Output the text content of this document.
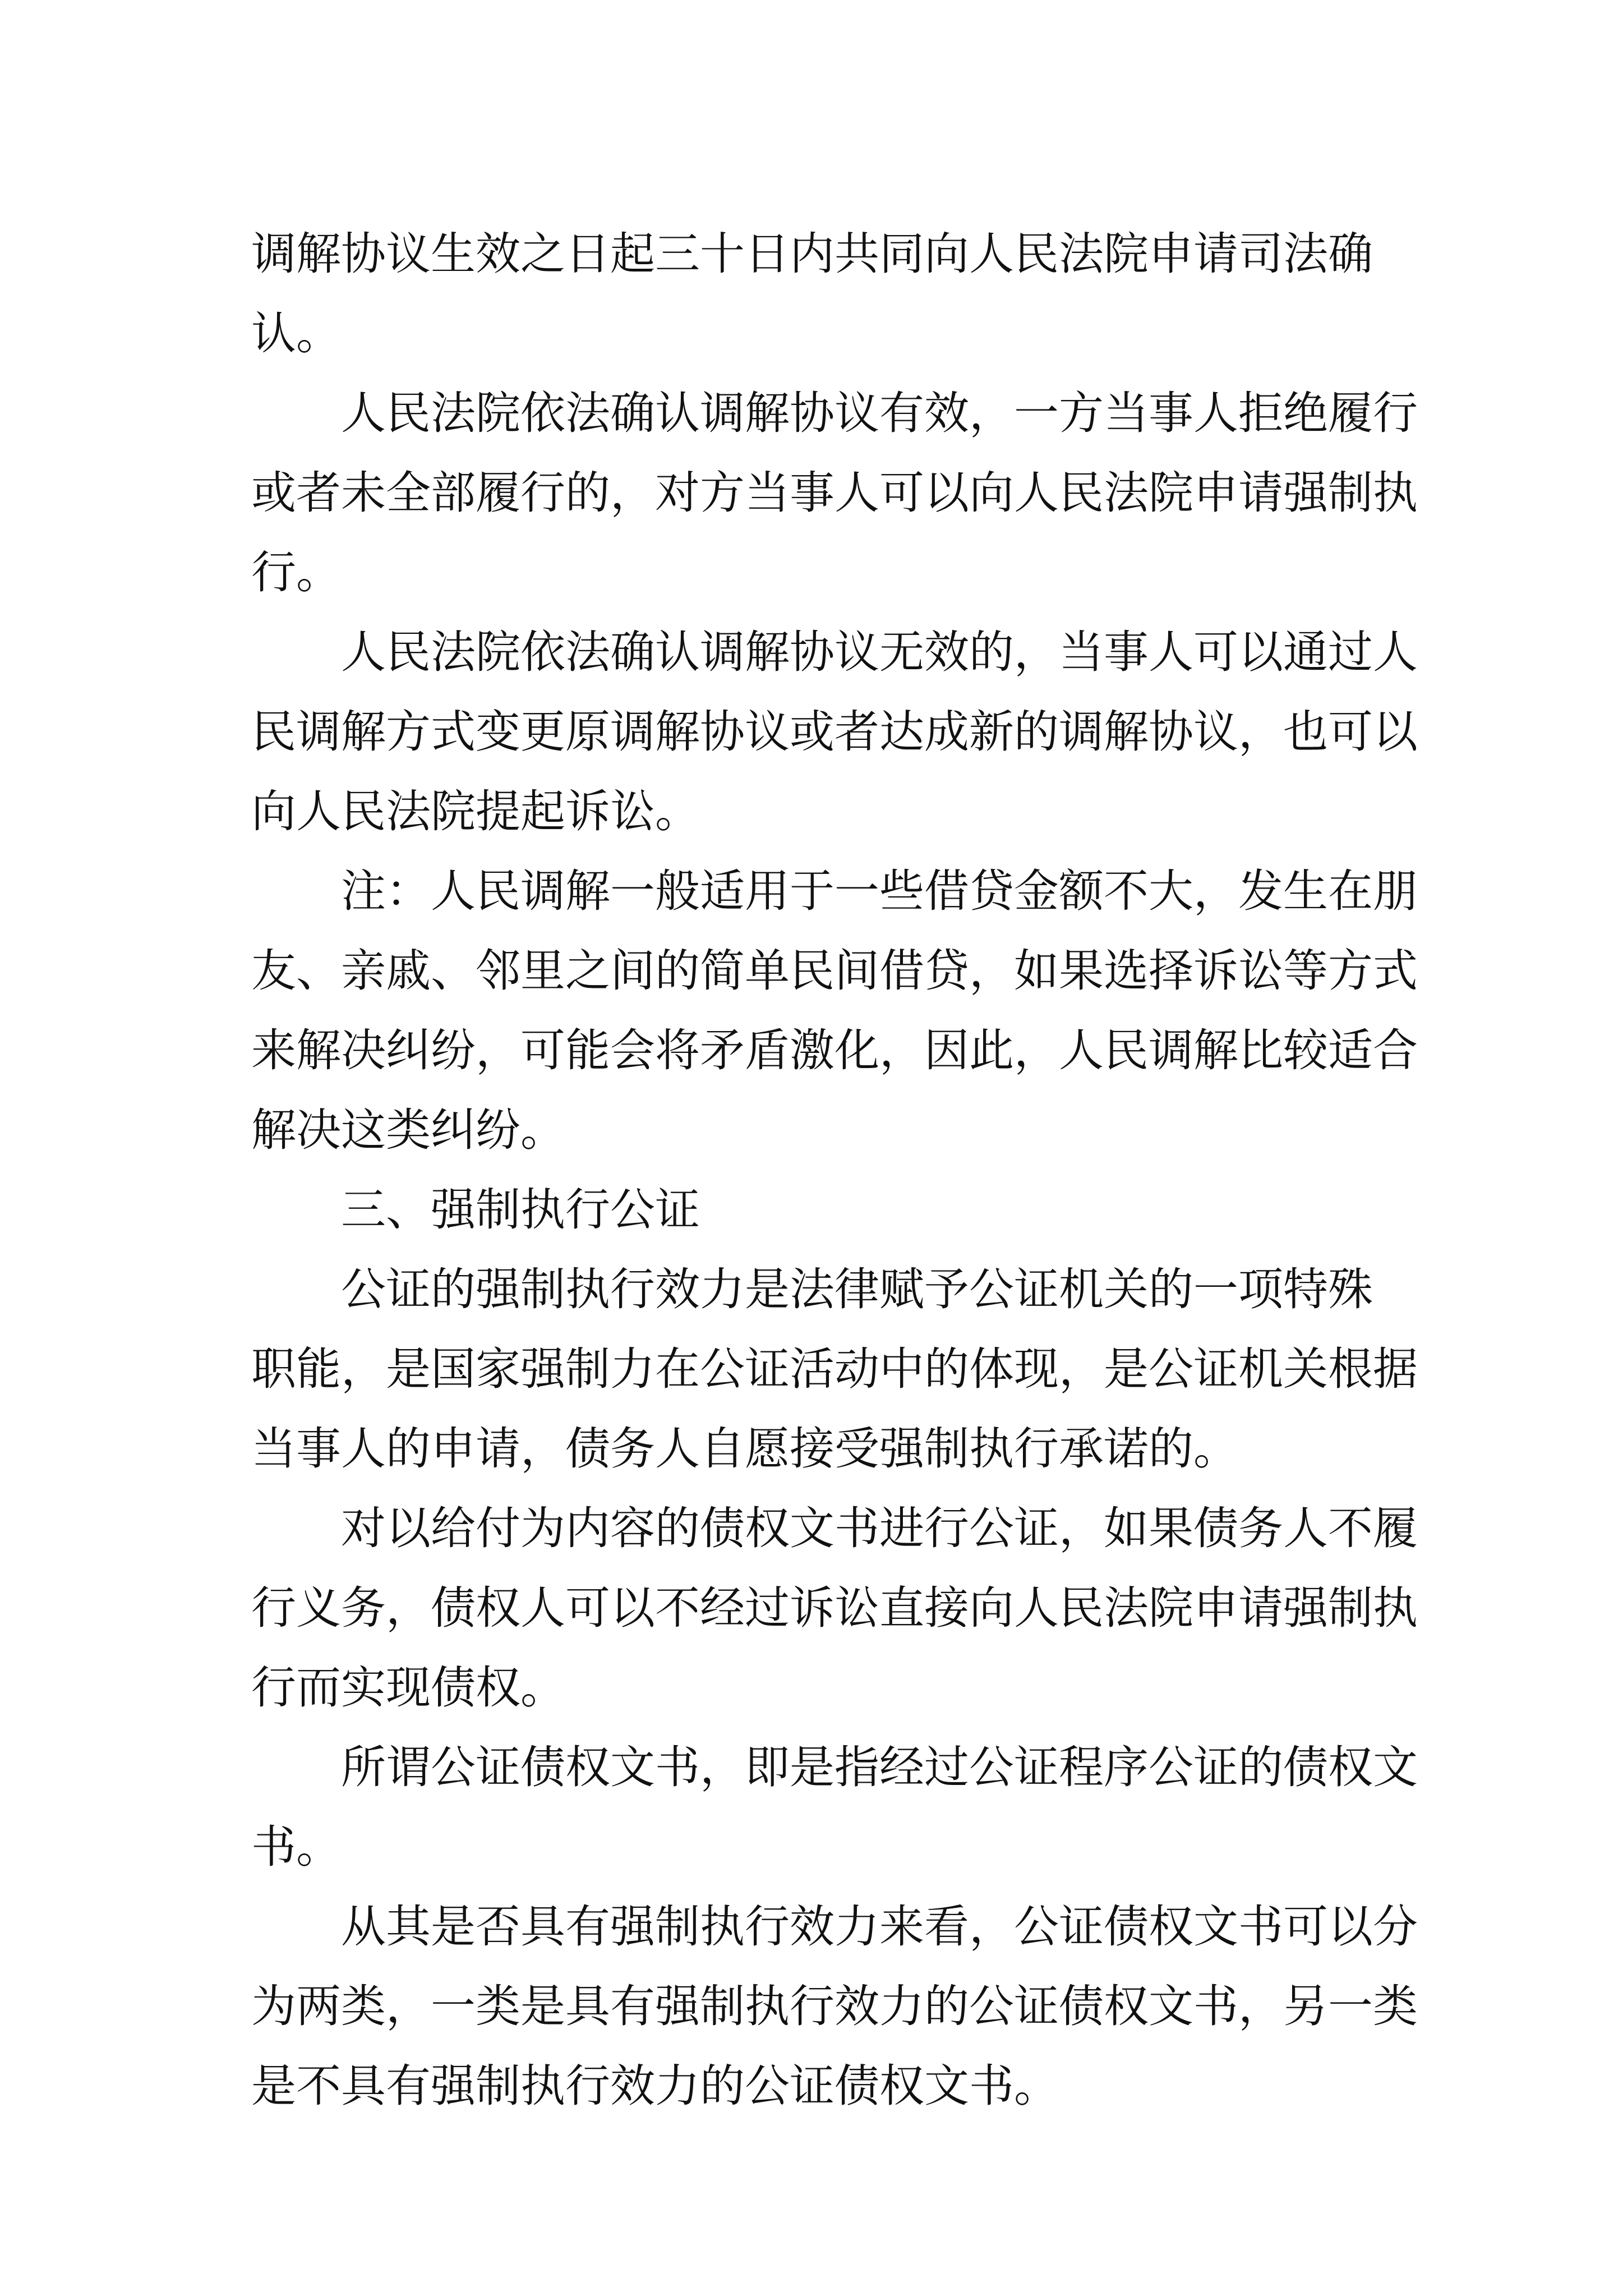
调解协议生效之日起三十日内共同向人民法院申请司法确
认。
人民法院依法确认调解协议有效，一方当事人拒绝履行
或者未全部履行的，对方当事人可以向人民法院申请强制执
行。
人民法院依法确认调解协议无效的，当事人可以通过人
民调解方式变更原调解协议或者达成新的调解协议，也可以
向人民法院提起诉讼。
注：人民调解一般适用于一些借贷金额不大，发生在朋
友、亲戚、邻里之间的简单民间借贷，如果选择诉讼等方式
来解决纠纷，可能会将矛盾激化，因此，人民调解比较适合
解决这类纠纷。
三、强制执行公证
公证的强制执行效力是法律赋予公证机关的一项特殊
职能，是国家强制力在公证活动中的体现，是公证机关根据
当事人的申请，债务人自愿接受强制执行承诺的。
对以给付为内容的债权文书进行公证，如果债务人不履
行义务，债权人可以不经过诉讼直接向人民法院申请强制执
行而实现债权。
所谓公证债权文书，即是指经过公证程序公证的债权文
书。
从其是否具有强制执行效力来看，公证债权文书可以分
为两类，一类是具有强制执行效力的公证债权文书，另一类
是不具有强制执行效力的公证债权文书。
